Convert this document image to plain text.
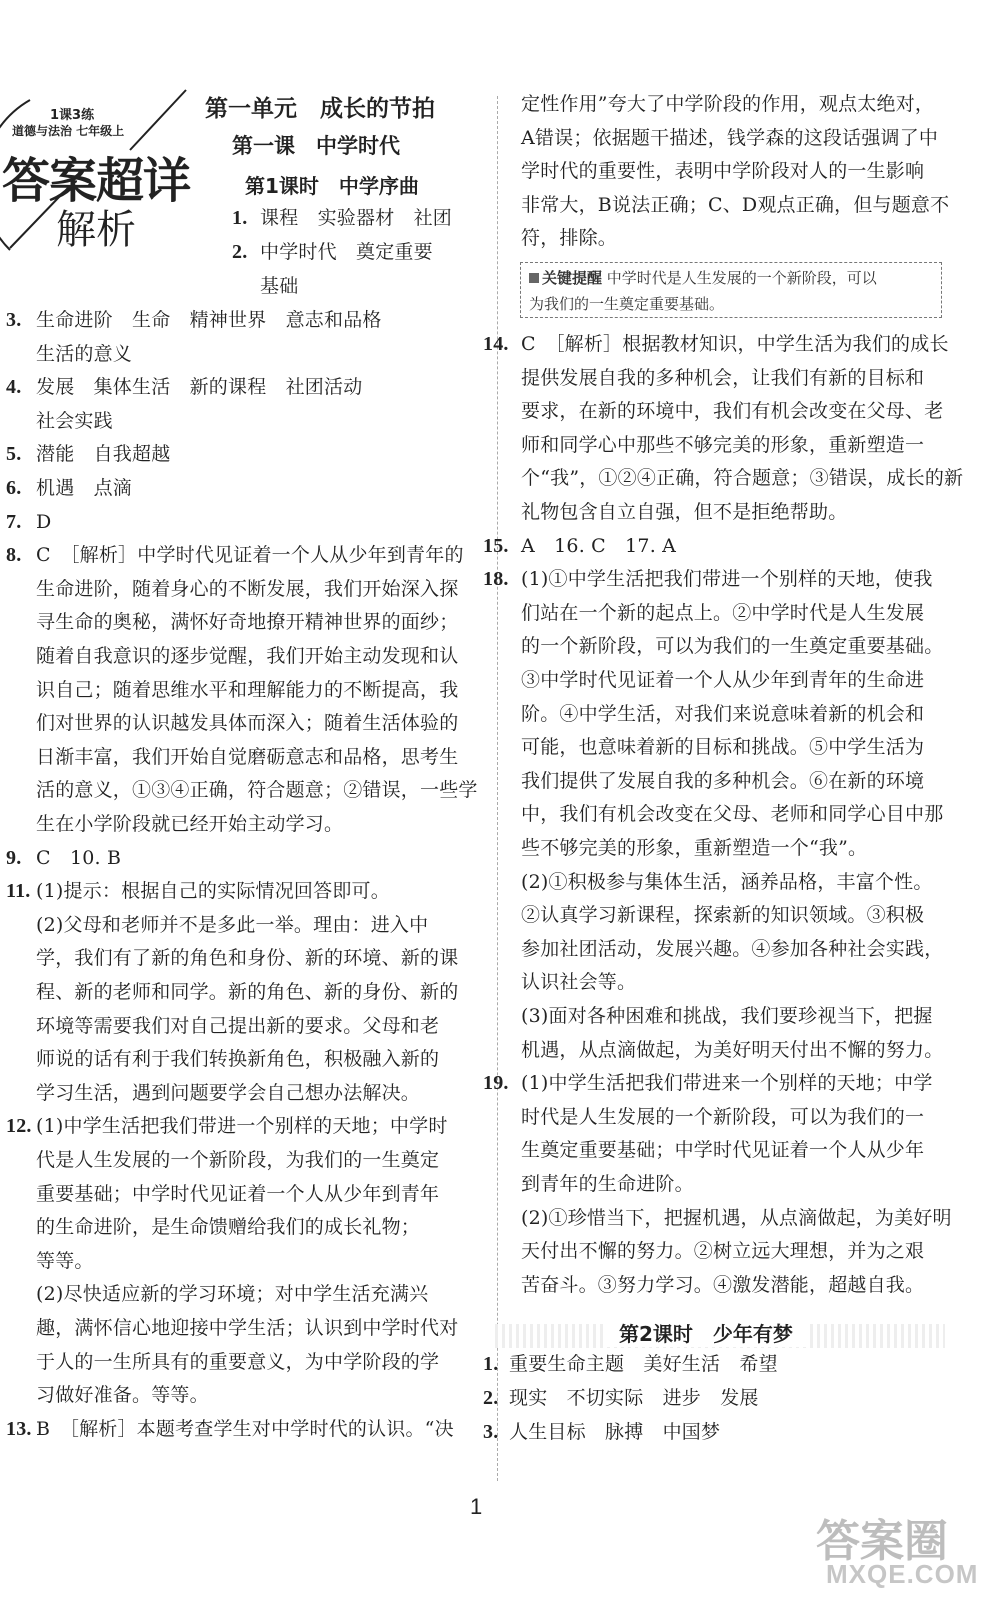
1课3练
道德与法治 七年级上
答案超详
解析
第一单元　成长的节拍
第一课　中学时代
第1课时　中学序曲
1. 课程　实验器材　社团
2. 中学时代　奠定重要
基础
3. 生命进阶　生命　精神世界　意志和品格
生活的意义
4. 发展　集体生活　新的课程　社团活动
社会实践
5. 潜能　自我超越
6. 机遇　点滴
7. D
8. C　［解析］中学时代见证着一个人从少年到青年的
生命进阶，随着身心的不断发展，我们开始深入探
寻生命的奥秘，满怀好奇地撩开精神世界的面纱；
随着自我意识的逐步觉醒，我们开始主动发现和认
识自己；随着思维水平和理解能力的不断提高，我
们对世界的认识越发具体而深入；随着生活体验的
日渐丰富，我们开始自觉磨砺意志和品格，思考生
活的意义，①③④正确，符合题意；②错误，一些学
生在小学阶段就已经开始主动学习。
9. C　10. B
11. (1)提示：根据自己的实际情况回答即可。
(2)父母和老师并不是多此一举。理由：进入中
学，我们有了新的角色和身份、新的环境、新的课
程、新的老师和同学。新的角色、新的身份、新的
环境等需要我们对自己提出新的要求。父母和老
师说的话有利于我们转换新角色，积极融入新的
学习生活，遇到问题要学会自己想办法解决。
12. (1)中学生活把我们带进一个别样的天地；中学时
代是人生发展的一个新阶段，为我们的一生奠定
重要基础；中学时代见证着一个人从少年到青年
的生命进阶，是生命馈赠给我们的成长礼物；
等等。
(2)尽快适应新的学习环境；对中学生活充满兴
趣，满怀信心地迎接中学生活；认识到中学时代对
于人的一生所具有的重要意义，为中学阶段的学
习做好准备。等等。
13. B　［解析］本题考查学生对中学时代的认识。“决
定性作用”夸大了中学阶段的作用，观点太绝对，
A错误；依据题干描述，钱学森的这段话强调了中
学时代的重要性，表明中学阶段对人的一生影响
非常大，B说法正确；C、D观点正确，但与题意不
符，排除。
14. C　［解析］根据教材知识，中学生活为我们的成长
提供发展自我的多种机会，让我们有新的目标和
要求，在新的环境中，我们有机会改变在父母、老
师和同学心中那些不够完美的形象，重新塑造一
个“我”，①②④正确，符合题意；③错误，成长的新
礼物包含自立自强，但不是拒绝帮助。
15. A　16. C　17. A
18. (1)①中学生活把我们带进一个别样的天地，使我
们站在一个新的起点上。②中学时代是人生发展
的一个新阶段，可以为我们的一生奠定重要基础。
③中学时代见证着一个人从少年到青年的生命进
阶。④中学生活，对我们来说意味着新的机会和
可能，也意味着新的目标和挑战。⑤中学生活为
我们提供了发展自我的多种机会。⑥在新的环境
中，我们有机会改变在父母、老师和同学心目中那
些不够完美的形象，重新塑造一个“我”。
(2)①积极参与集体生活，涵养品格，丰富个性。
②认真学习新课程，探索新的知识领域。③积极
参加社团活动，发展兴趣。④参加各种社会实践，
认识社会等。
(3)面对各种困难和挑战，我们要珍视当下，把握
机遇，从点滴做起，为美好明天付出不懈的努力。
19. (1)中学生活把我们带进来一个别样的天地；中学
时代是人生发展的一个新阶段，可以为我们的一
生奠定重要基础；中学时代见证着一个人从少年
到青年的生命进阶。
(2)①珍惜当下，把握机遇，从点滴做起，为美好明
天付出不懈的努力。②树立远大理想，并为之艰
苦奋斗。③努力学习。④激发潜能，超越自我。
关键提醒 中学时代是人生发展的一个新阶段，可以
为我们的一生奠定重要基础。
第2课时　少年有梦
1. 重要生命主题　美好生活　希望
2. 现实　不切实际　进步　发展
3. 人生目标　脉搏　中国梦
1
答案圈
MXQE.COM
